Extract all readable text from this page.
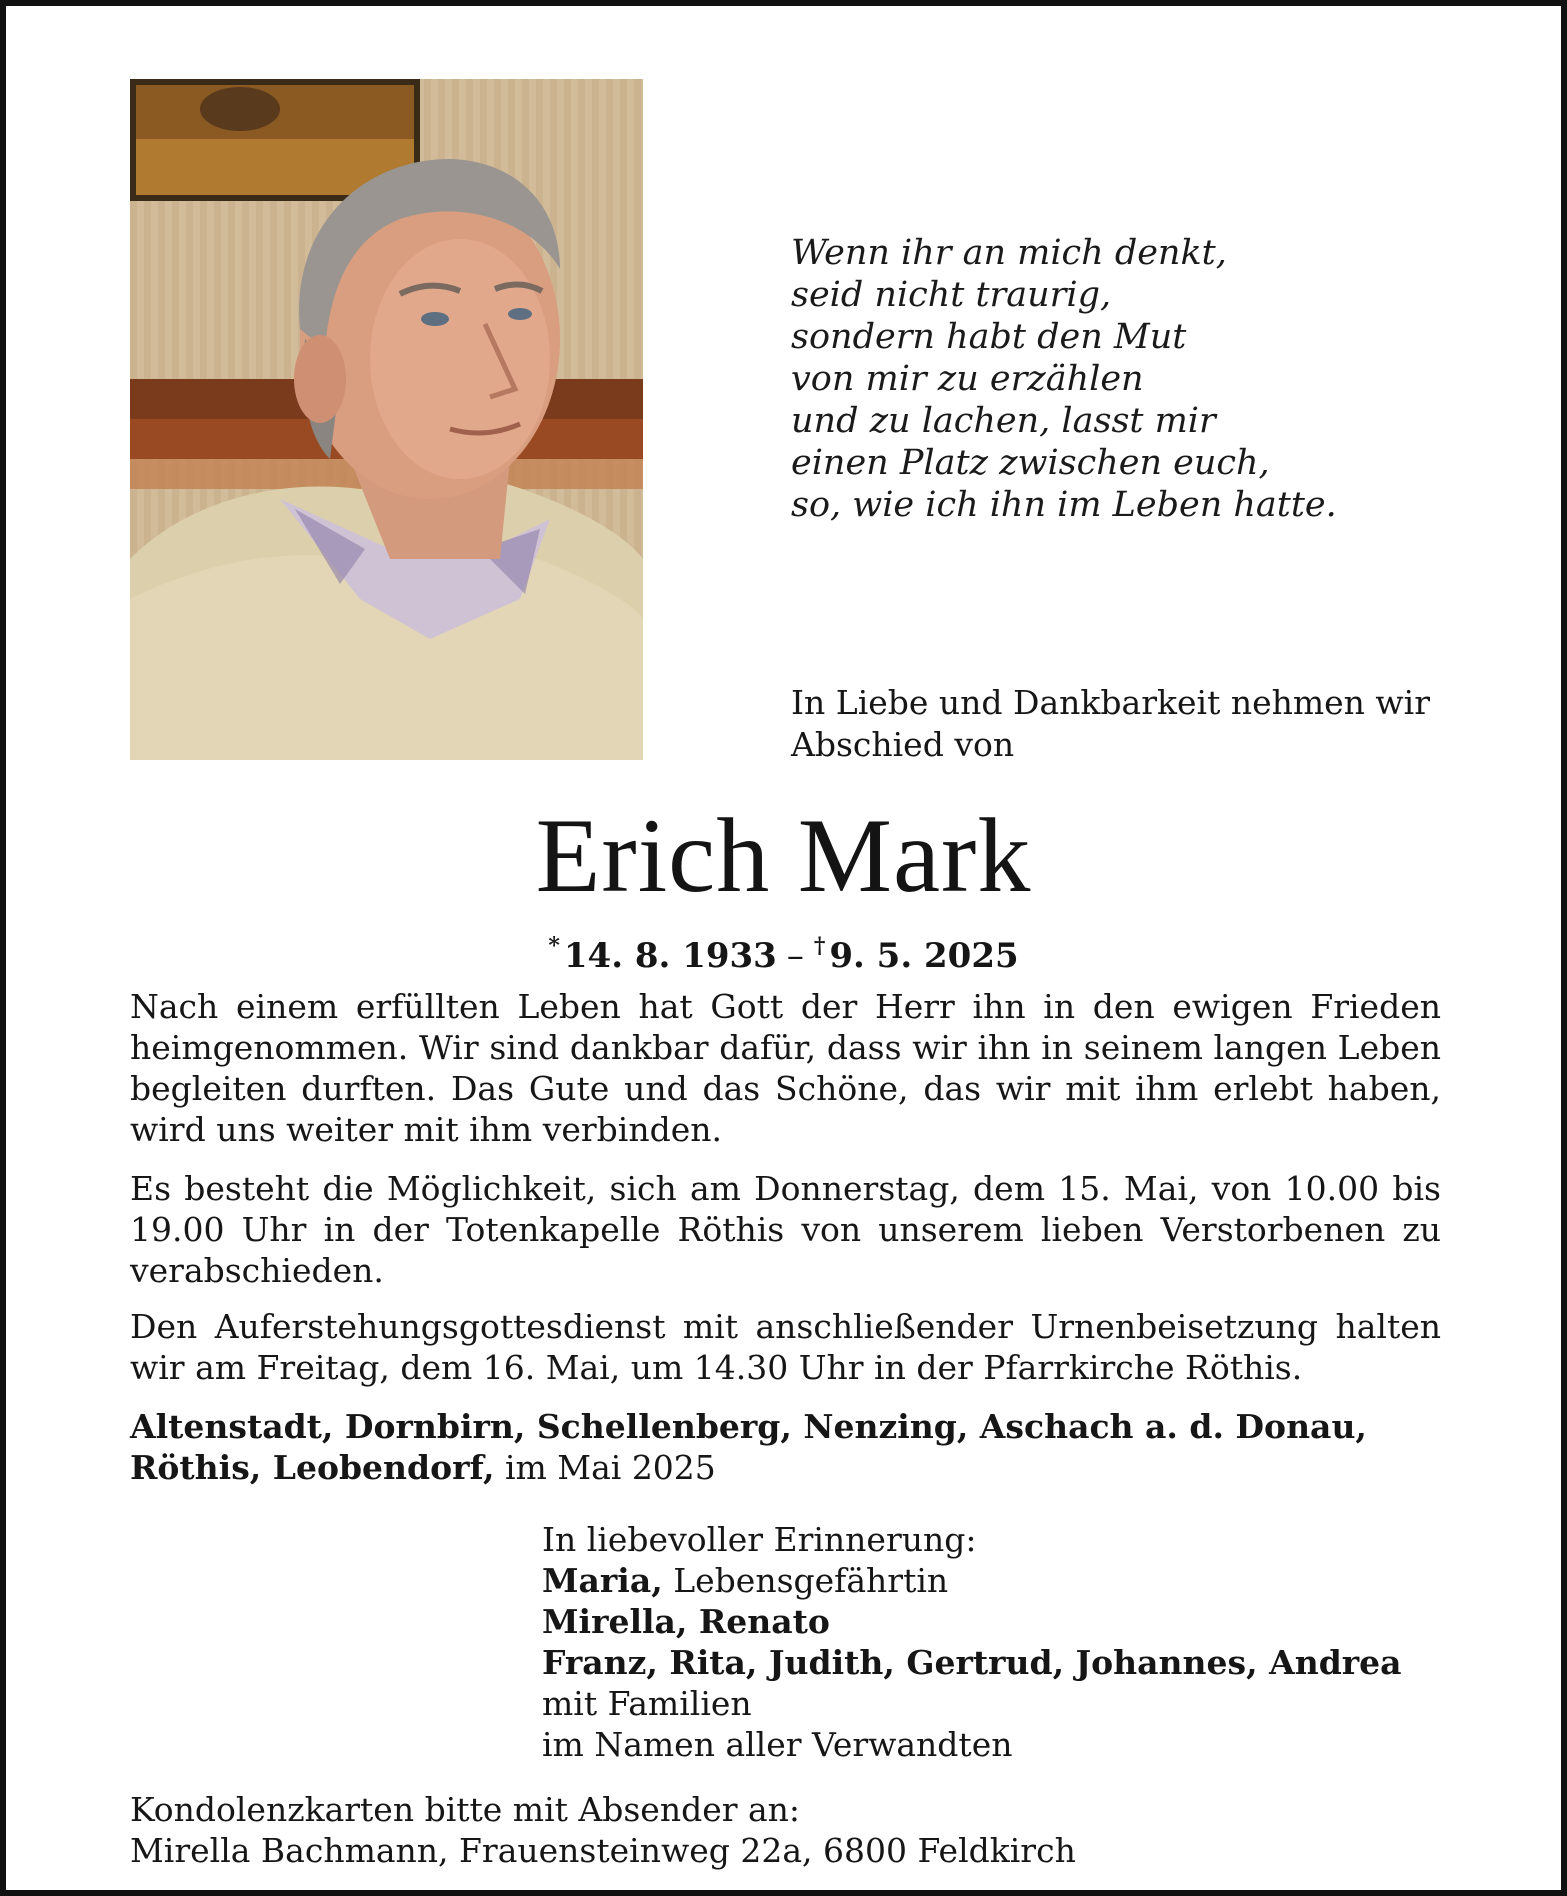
Wenn ihr an mich denkt,
seid nicht traurig,
sondern habt den Mut
von mir zu erzählen
und zu lachen, lasst mir
einen Platz zwischen euch,
so, wie ich ihn im Leben hatte.
In Liebe und Dankbarkeit nehmen wir
Abschied von
Erich Mark
* 14. 8. 1933 – † 9. 5. 2025
Nach einem erfüllten Leben hat Gott der Herr ihn in den ewigen Frieden heimgenommen. Wir sind dankbar dafür, dass wir ihn in seinem langen Leben begleiten durften. Das Gute und das Schöne, das wir mit ihm erlebt haben, wird uns weiter mit ihm verbinden.
Es besteht die Möglichkeit, sich am Donnerstag, dem 15. Mai, von 10.00 bis 19.00 Uhr in der Totenkapelle Röthis von unserem lieben Verstorbenen zu verabschieden.
Den Auferstehungsgottesdienst mit anschließender Urnenbeisetzung halten wir am Freitag, dem 16. Mai, um 14.30 Uhr in der Pfarrkirche Röthis.
Altenstadt, Dornbirn, Schellenberg, Nenzing, Aschach a. d. Donau, Röthis, Leobendorf, im Mai 2025
In liebevoller Erinnerung:
Maria, Lebensgefährtin
Mirella, Renato
Franz, Rita, Judith, Gertrud, Johannes, Andrea
mit Familien
im Namen aller Verwandten
Kondolenzkarten bitte mit Absender an:
Mirella Bachmann, Frauensteinweg 22a, 6800 Feldkirch
